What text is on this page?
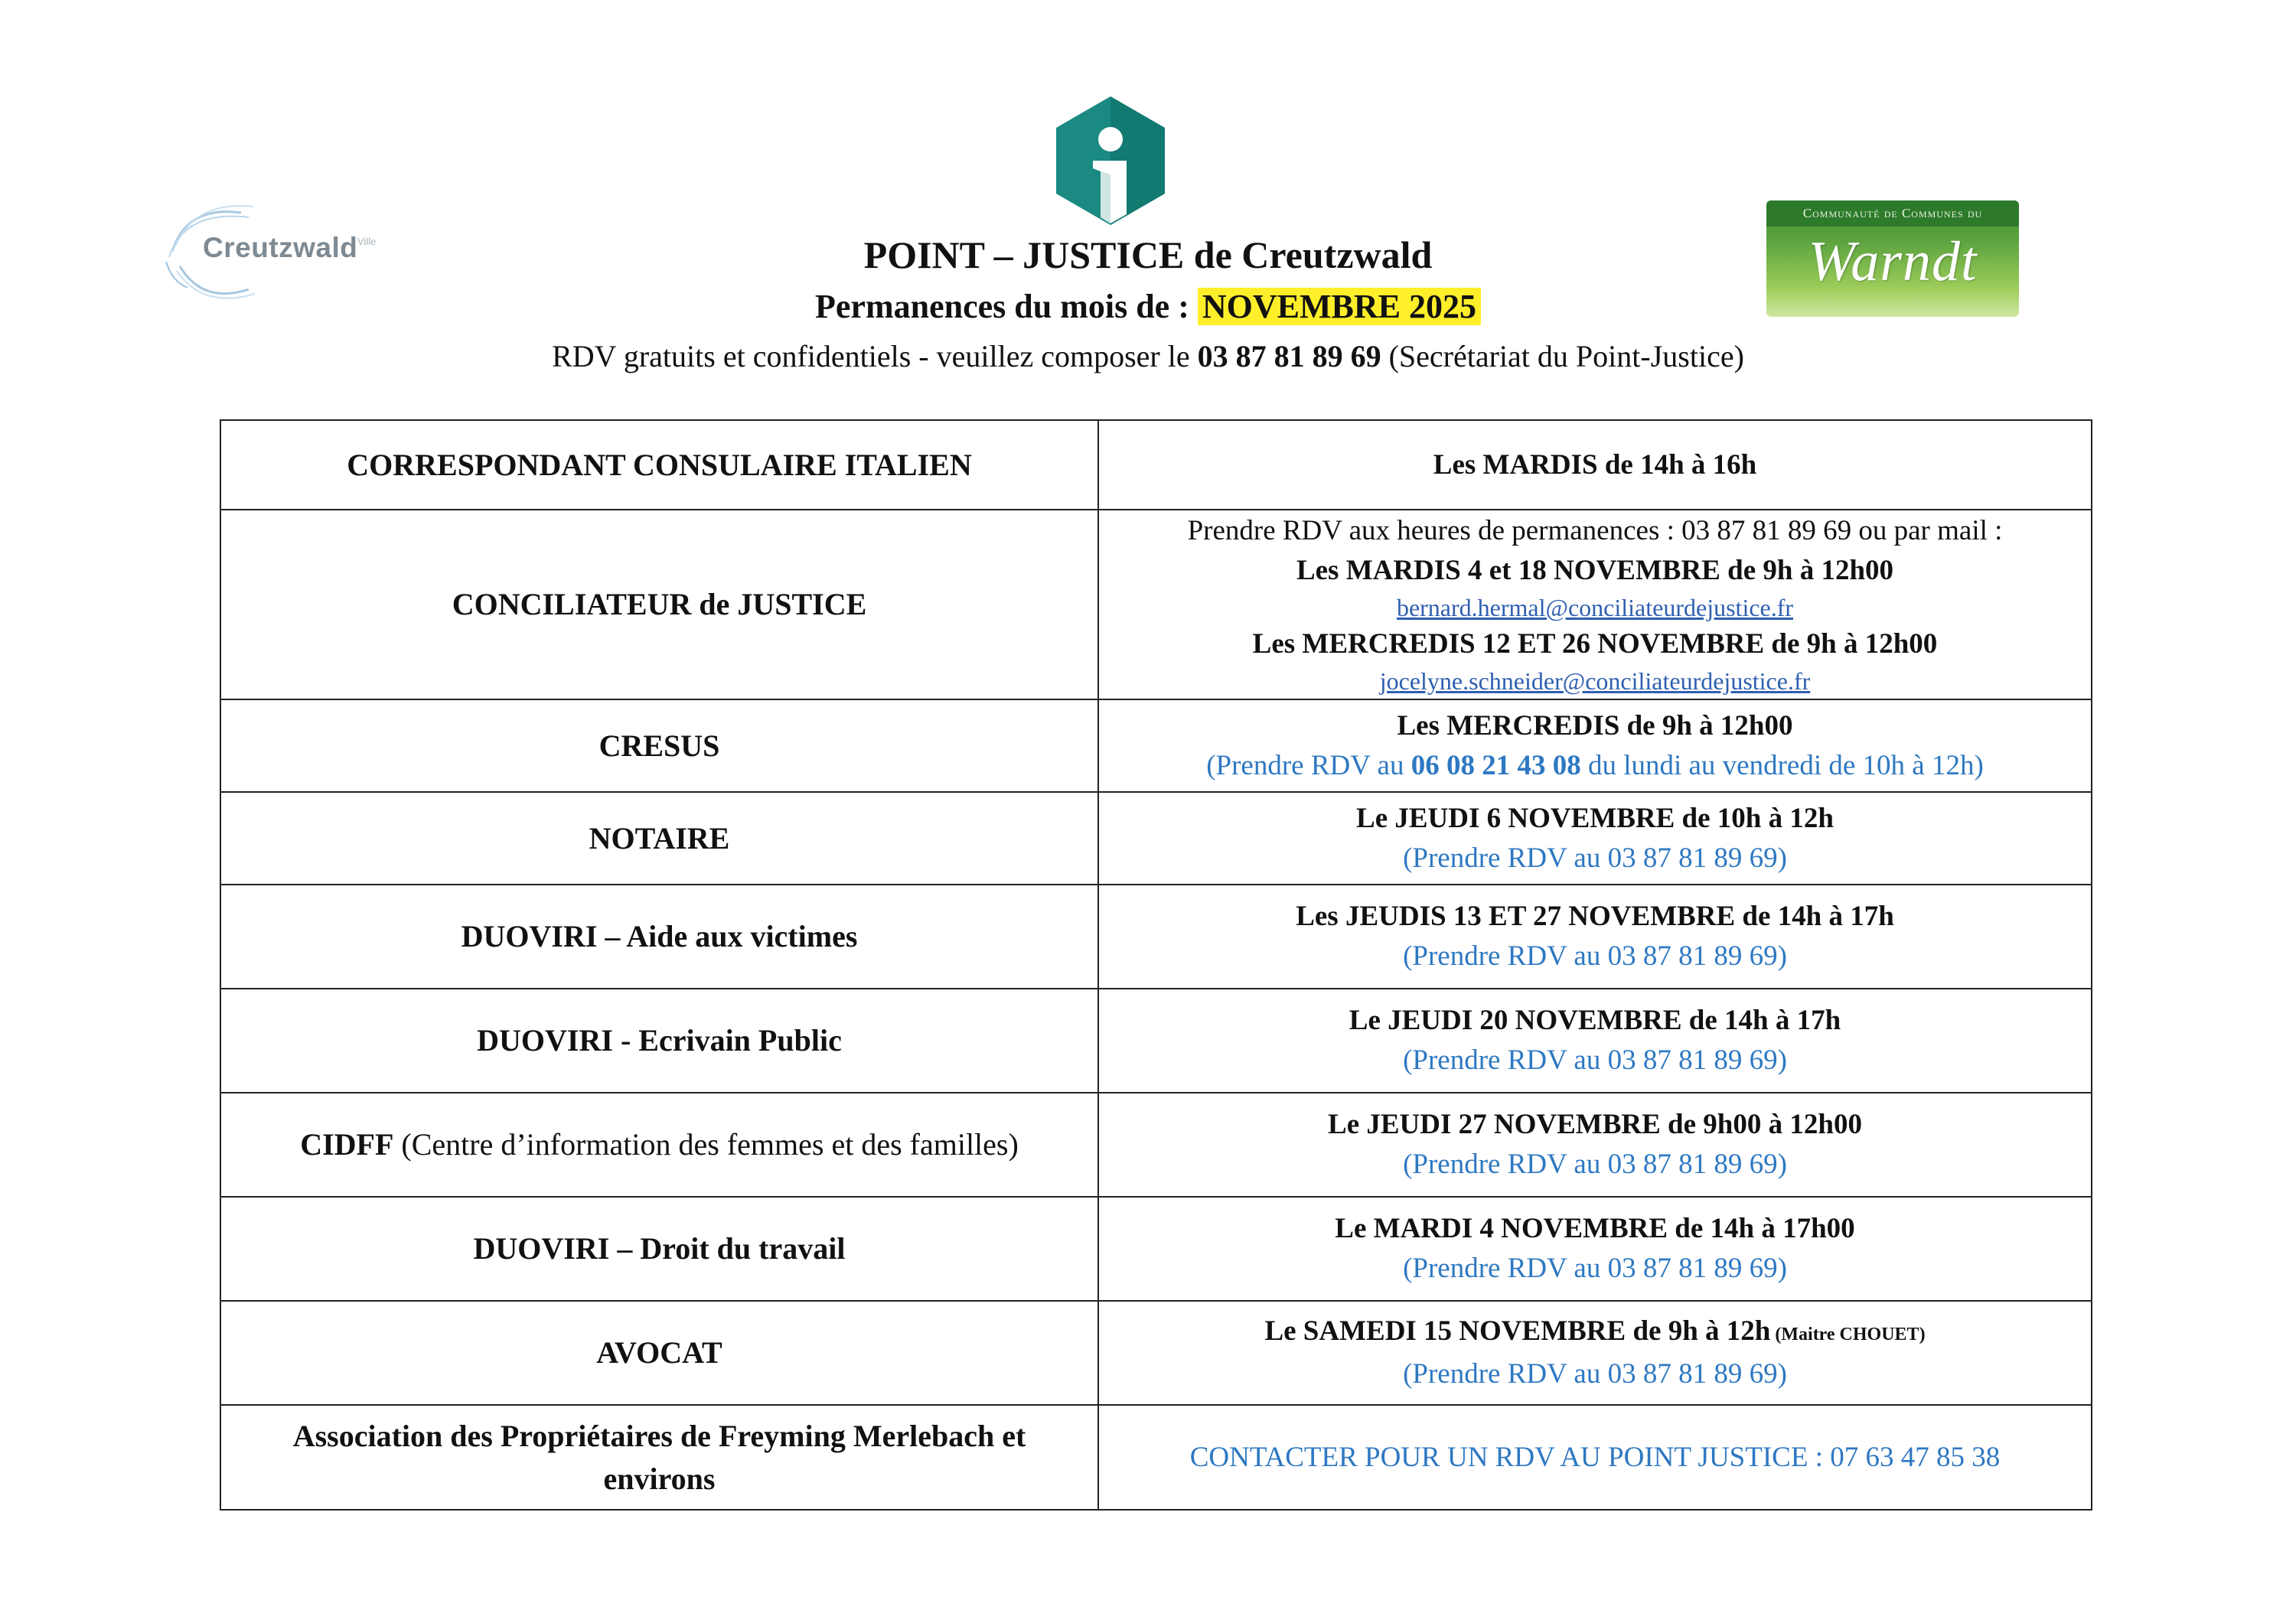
Creutzwald Ville
Communauté de Communes du
Warndt
POINT – JUSTICE de Creutzwald
Permanences du mois de : NOVEMBRE 2025
RDV gratuits et confidentiels - veuillez composer le 03 87 81 89 69 (Secrétariat du Point-Justice)
CORRESPONDANT CONSULAIRE ITALIEN	Les MARDIS de 14h à 16h

CONCILIATEUR de JUSTICE	Prendre RDV aux heures de permanences : 03 87 81 89 69 ou par mail :
Les MARDIS 4 et 18 NOVEMBRE de 9h à 12h00
bernard.hermal@conciliateurdejustice.fr
Les MERCREDIS 12 ET 26 NOVEMBRE de 9h à 12h00
jocelyne.schneider@conciliateurdejustice.fr

CRESUS	Les MERCREDIS de 9h à 12h00
(Prendre RDV au 06 08 21 43 08 du lundi au vendredi de 10h à 12h)

NOTAIRE	Le JEUDI 6 NOVEMBRE de 10h à 12h
(Prendre RDV au 03 87 81 89 69)

DUOVIRI – Aide aux victimes	Les JEUDIS 13 ET 27 NOVEMBRE de 14h à 17h
(Prendre RDV au 03 87 81 89 69)

DUOVIRI - Ecrivain Public	Le JEUDI 20 NOVEMBRE de 14h à 17h
(Prendre RDV au 03 87 81 89 69)

CIDFF (Centre d’information des femmes et des familles)	Le JEUDI 27 NOVEMBRE de 9h00 à 12h00
(Prendre RDV au 03 87 81 89 69)

DUOVIRI – Droit du travail	Le MARDI 4 NOVEMBRE de 14h à 17h00
(Prendre RDV au 03 87 81 89 69)

AVOCAT	Le SAMEDI 15 NOVEMBRE de 9h à 12h (Maitre CHOUET)
(Prendre RDV au 03 87 81 89 69)

Association des Propriétaires de Freyming Merlebach et environs	CONTACTER POUR UN RDV AU POINT JUSTICE : 07 63 47 85 38
